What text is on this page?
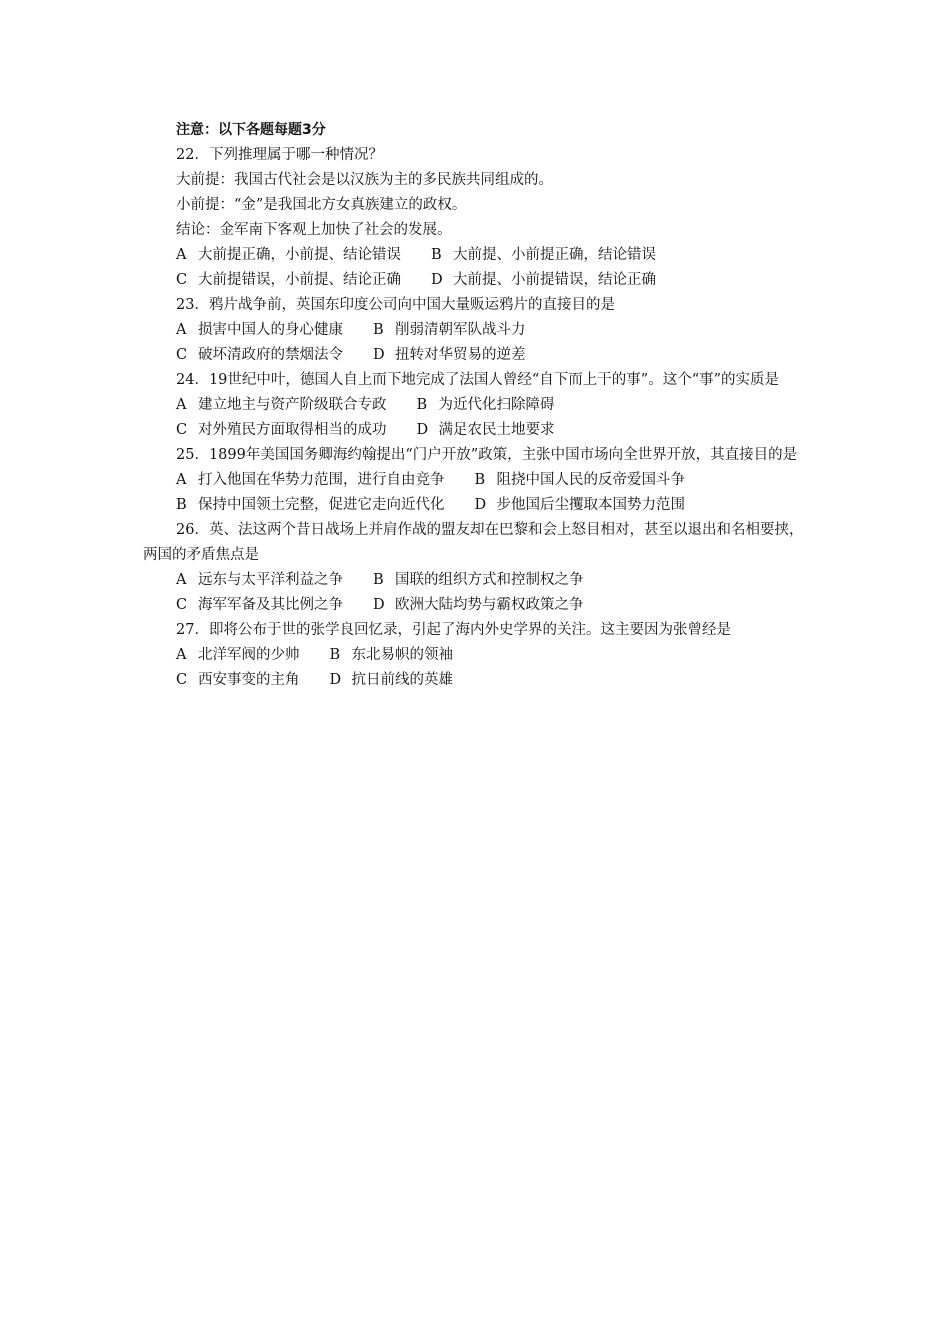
注意：以下各题每题3分
22．下列推理属于哪一种情况？
大前提：我国古代社会是以汉族为主的多民族共同组成的。
小前提：“金”是我国北方女真族建立的政权。
结论：金军南下客观上加快了社会的发展。
A 大前提正确，小前提、结论错误 B 大前提、小前提正确，结论错误
C 大前提错误，小前提、结论正确 D 大前提、小前提错误，结论正确
23．鸦片战争前，英国东印度公司向中国大量贩运鸦片的直接目的是
A 损害中国人的身心健康 B 削弱清朝军队战斗力
C 破坏清政府的禁烟法令 D 扭转对华贸易的逆差
24．19世纪中叶，德国人自上而下地完成了法国人曾经“自下而上干的事”。这个“事”的实质是
A 建立地主与资产阶级联合专政 B 为近代化扫除障碍
C 对外殖民方面取得相当的成功 D 满足农民土地要求
25．1899年美国国务卿海约翰提出“门户开放”政策，主张中国市场向全世界开放，其直接目的是
A 打入他国在华势力范围，进行自由竞争 B 阻挠中国人民的反帝爱国斗争
B 保持中国领土完整，促进它走向近代化 D 步他国后尘攫取本国势力范围
26．英、法这两个昔日战场上并肩作战的盟友却在巴黎和会上怒目相对，甚至以退出和名相要挟，两国的矛盾焦点是
A 远东与太平洋利益之争 B 国联的组织方式和控制权之争
C 海军军备及其比例之争 D 欧洲大陆均势与霸权政策之争
27．即将公布于世的张学良回忆录，引起了海内外史学界的关注。这主要因为张曾经是
A 北洋军阀的少帅 B 东北易帜的领袖
C 西安事变的主角 D 抗日前线的英雄
